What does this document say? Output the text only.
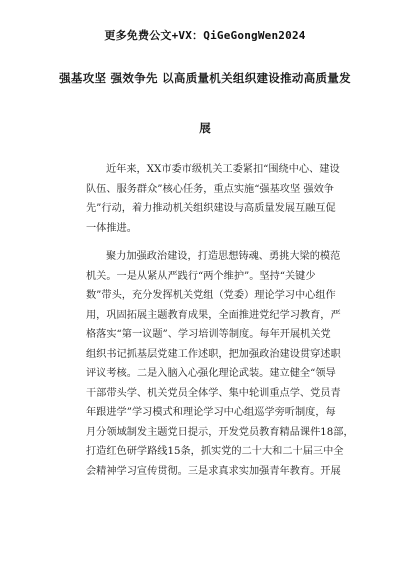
更多免费公文+VX：QiGeGongWen2024
强基攻坚 强效争先 以高质量机关组织建设推动高质量发
展
近年来，XX市委市级机关工委紧扣“围绕中心、建设
队伍、服务群众”核心任务，重点实施“强基攻坚 强效争
先”行动，着力推动机关组织建设与高质量发展互融互促
一体推进。
聚力加强政治建设，打造思想铸魂、勇挑大梁的模范
机关。一是从紧从严践行“两个维护”。坚持“关键少
数”带头，充分发挥机关党组（党委）理论学习中心组作
用，巩固拓展主题教育成果，全面推进党纪学习教育，严
格落实“第一议题”、学习培训等制度。每年开展机关党
组织书记抓基层党建工作述职，把加强政治建设贯穿述职
评议考核。二是入脑入心强化理论武装。建立健全“领导
干部带头学、机关党员全体学、集中轮训重点学、党员青
年跟进学”学习模式和理论学习中心组巡学旁听制度，每
月分领域制发主题党日提示，开发党员教育精品课件18部，
打造红色研学路线15条，抓实党的二十大和二十届三中全
会精神学习宣传贯彻。三是求真求实加强青年教育。开展
